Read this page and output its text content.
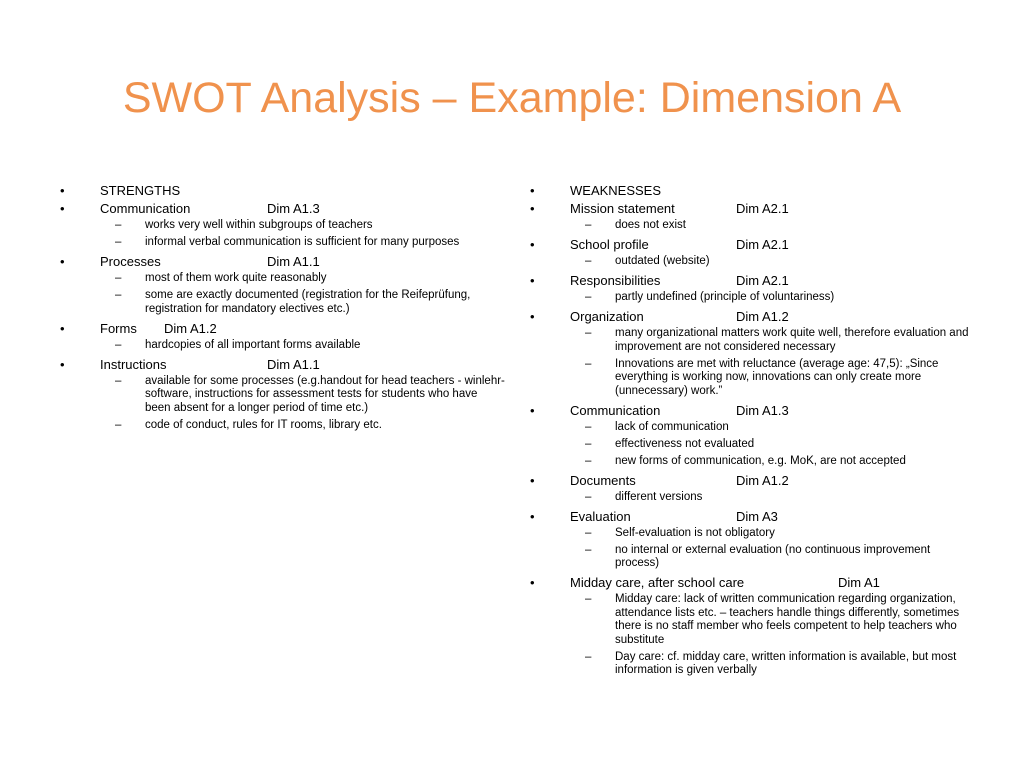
SWOT Analysis – Example: Dimension A
•	STRENGTHS
•	Communication	Dim A1.3
– works very well within subgroups of teachers
– informal verbal communication is sufficient for many purposes
•	Processes	Dim A1.1
– most of them work quite reasonably
– some are exactly documented (registration for the Reifeprüfung, registration for mandatory electives etc.)
•	Forms Dim A1.2
– hardcopies of all important forms available
•	Instructions	Dim A1.1
– available for some processes (e.g.handout for head teachers - winlehr-software, instructions for assessment tests for students who have been absent for a longer period of time etc.)
– code of conduct, rules for IT rooms, library etc.
•	WEAKNESSES
•	Mission statement	Dim A2.1
– does not exist
•	School profile	Dim A2.1
– outdated (website)
•	Responsibilities	Dim A2.1
– partly undefined (principle of voluntariness)
•	Organization	Dim A1.2
– many organizational matters work quite well, therefore evaluation and improvement are not considered necessary
– Innovations are met with reluctance (average age: 47,5): „Since everything is working now, innovations can only create more (unnecessary) work.”
•	Communication	Dim A1.3
– lack of communication
– effectiveness not evaluated
– new forms of communication, e.g. MoK, are not accepted
•	Documents	Dim A1.2
– different versions
•	Evaluation	Dim A3
– Self-evaluation is not obligatory
– no internal or external evaluation (no continuous improvement process)
•	Midday care, after school care	Dim A1
– Midday care: lack of written communication regarding organization, attendance lists etc. – teachers handle things differently, sometimes there is no staff member who feels competent to help teachers who substitute
– Day care: cf. midday care, written information is available, but most information is given verbally
